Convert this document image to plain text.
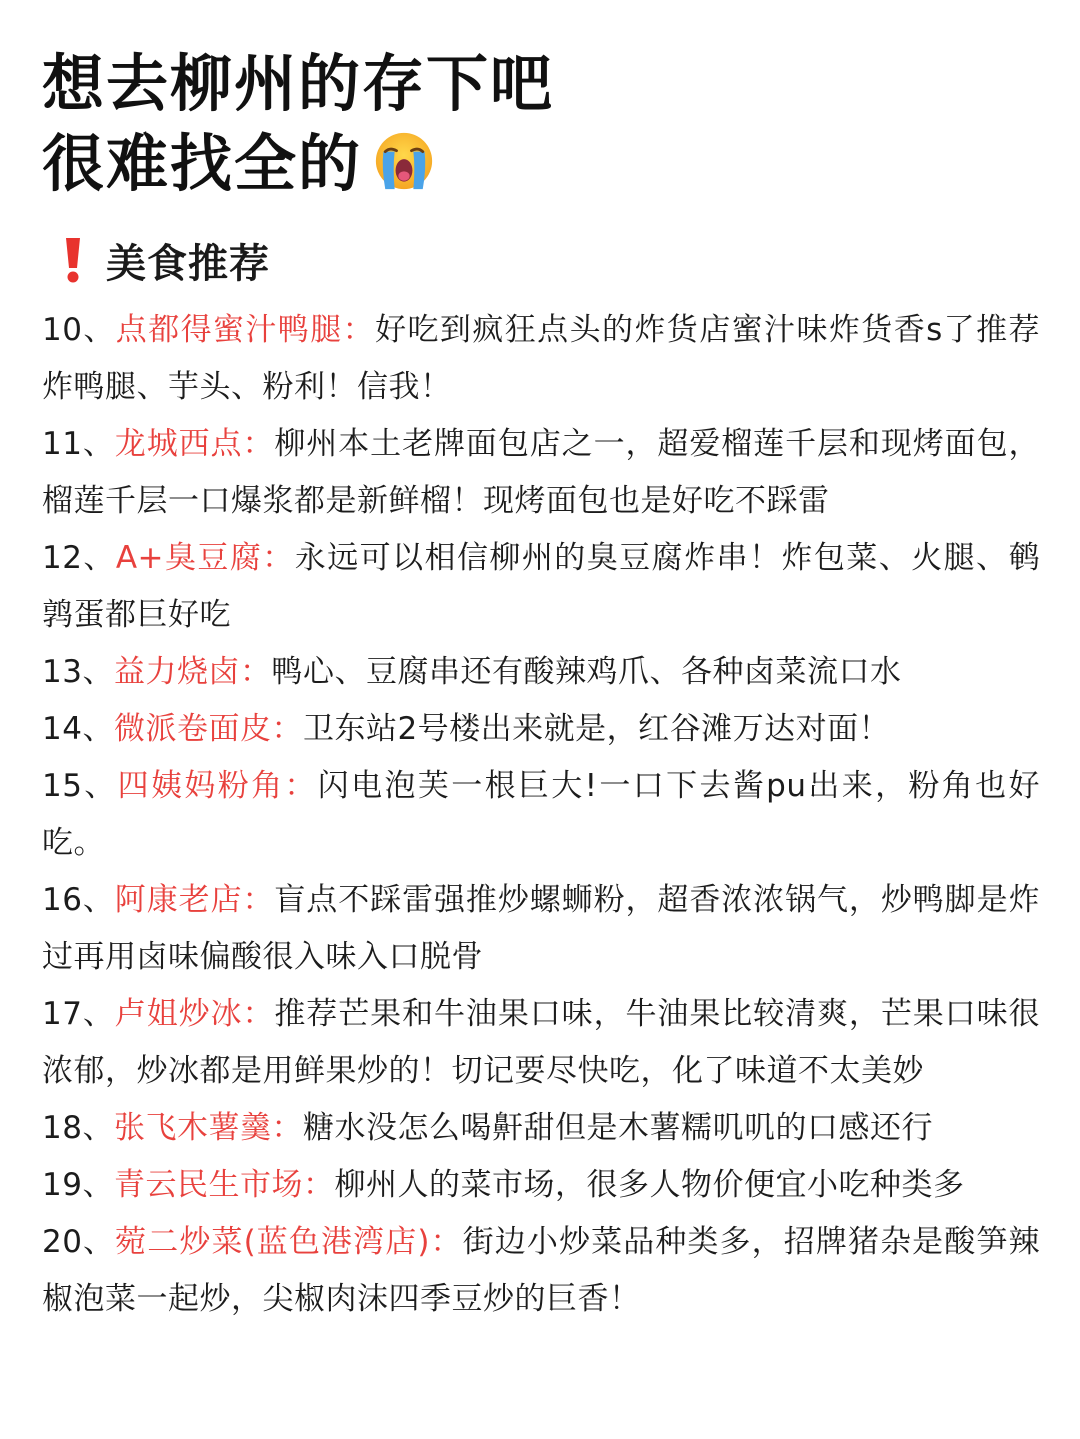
想去柳州的存下吧
很难找全的
美食推荐
10、点都得蜜汁鸭腿：好吃到疯狂点头的炸货店蜜汁味炸货香s了推荐炸鸭腿、芋头、粉利！信我！
11、龙城西点：柳州本土老牌面包店之一，超爱榴莲千层和现烤面包，榴莲千层一口爆浆都是新鲜榴！现烤面包也是好吃不踩雷
12、A+臭豆腐：永远可以相信柳州的臭豆腐炸串！炸包菜、火腿、鹌鹑蛋都巨好吃
13、益力烧卤：鸭心、豆腐串还有酸辣鸡爪、各种卤菜流口水
14、微派卷面皮：卫东站2号楼出来就是，红谷滩万达对面！
15、四姨妈粉角：闪电泡芙一根巨大!一口下去酱pu出来，粉角也好吃。
16、阿康老店：盲点不踩雷强推炒螺蛳粉，超香浓浓锅气，炒鸭脚是炸过再用卤味偏酸很入味入口脱骨
17、卢姐炒冰：推荐芒果和牛油果口味，牛油果比较清爽，芒果口味很浓郁，炒冰都是用鲜果炒的！切记要尽快吃，化了味道不太美妙
18、张飞木薯羹：糖水没怎么喝鼾甜但是木薯糯叽叽的口感还行
19、青云民生市场：柳州人的菜市场，很多人物价便宜小吃种类多
20、菀二炒菜(蓝色港湾店)：街边小炒菜品种类多，招牌猪杂是酸笋辣椒泡菜一起炒，尖椒肉沫四季豆炒的巨香！
